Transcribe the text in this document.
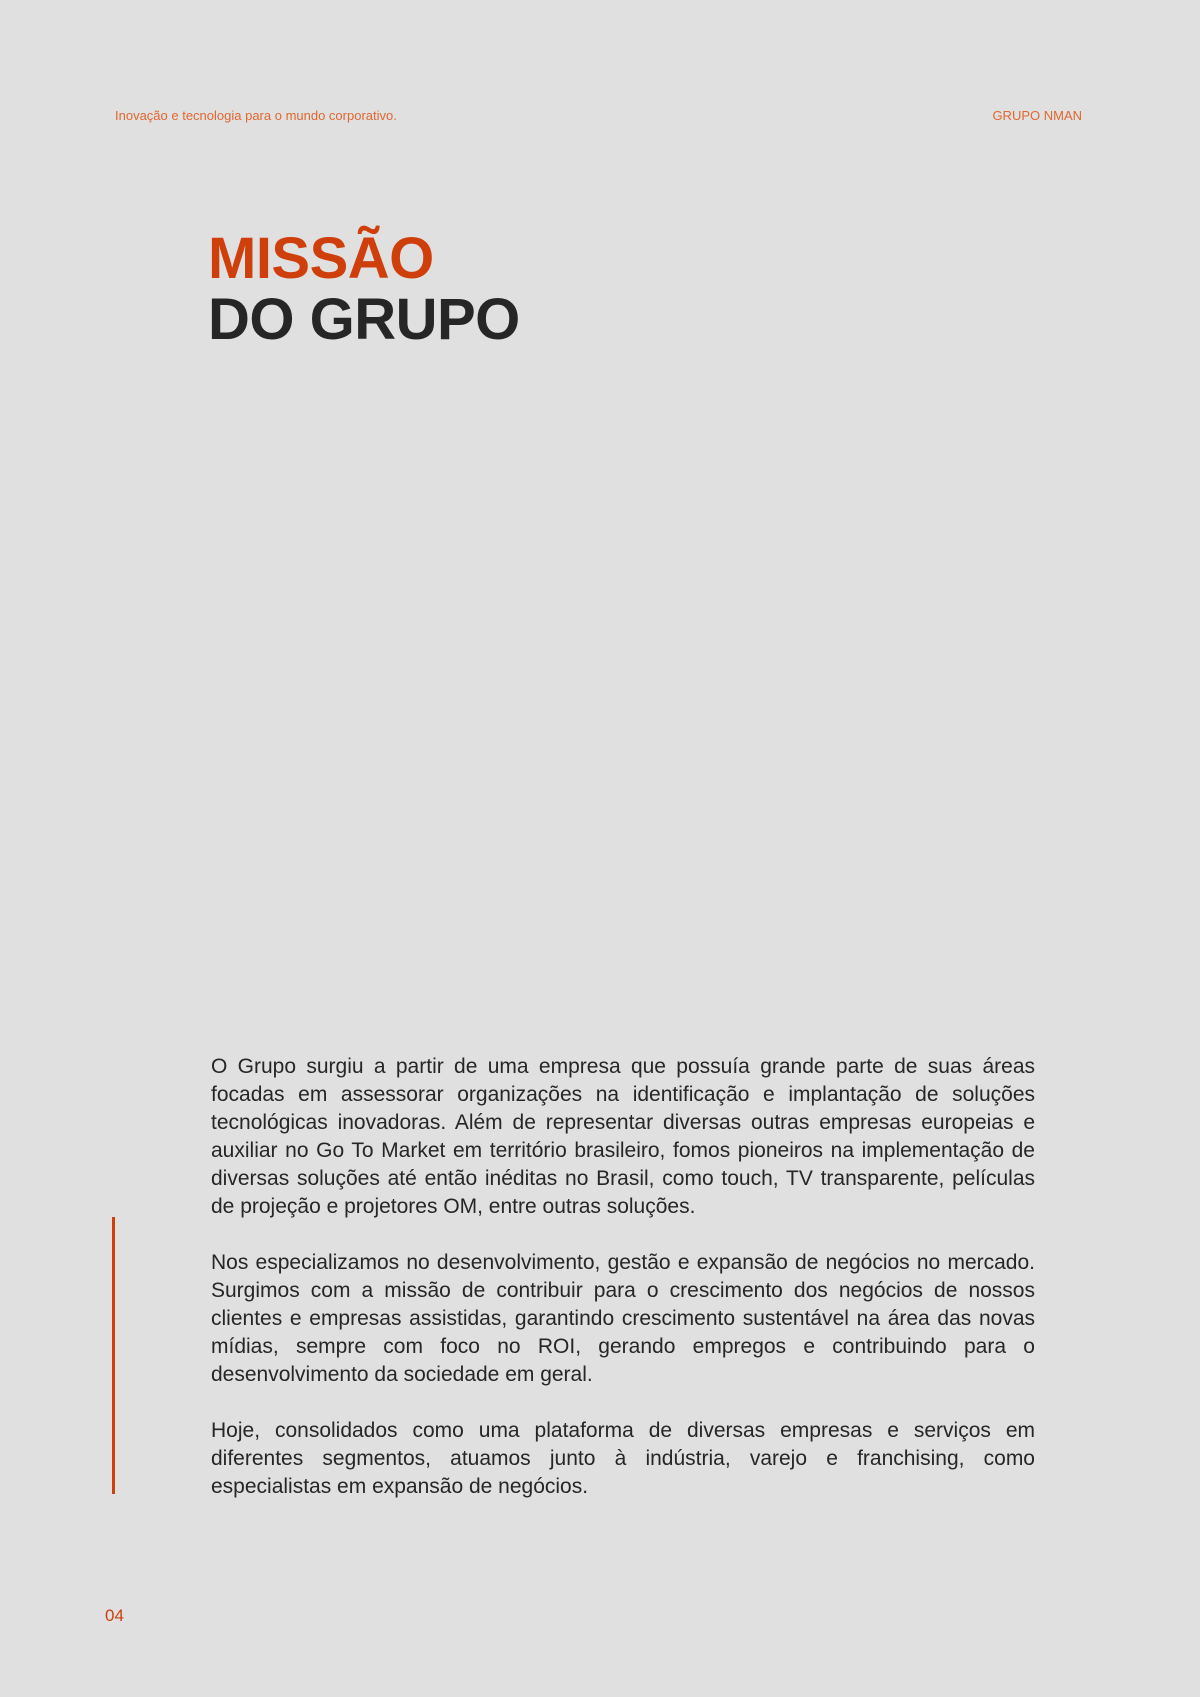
Inovação e tecnologia para o mundo corporativo.	GRUPO NMAN
MISSÃO
DO GRUPO

O Grupo surgiu a partir de uma empresa que possuía grande parte de suas áreas focadas em assessorar organizações na identificação e implantação de soluções tecnológicas inovadoras. Além de representar diversas outras empresas europeias e auxiliar no Go To Market em território brasileiro, fomos pioneiros na implementação de diversas soluções até então inéditas no Brasil, como touch, TV transparente, películas de projeção e projetores OM, entre outras soluções.

Nos especializamos no desenvolvimento, gestão e expansão de negócios no mercado. Surgimos com a missão de contribuir para o crescimento dos negócios de nossos clientes e empresas assistidas, garantindo crescimento sustentável na área das novas mídias, sempre com foco no ROI, gerando empregos e contribuindo para o desenvolvimento da sociedade em geral.

Hoje, consolidados como uma plataforma de diversas empresas e serviços em diferentes segmentos, atuamos junto à indústria, varejo e franchising, como especialistas em expansão de negócios.

04
